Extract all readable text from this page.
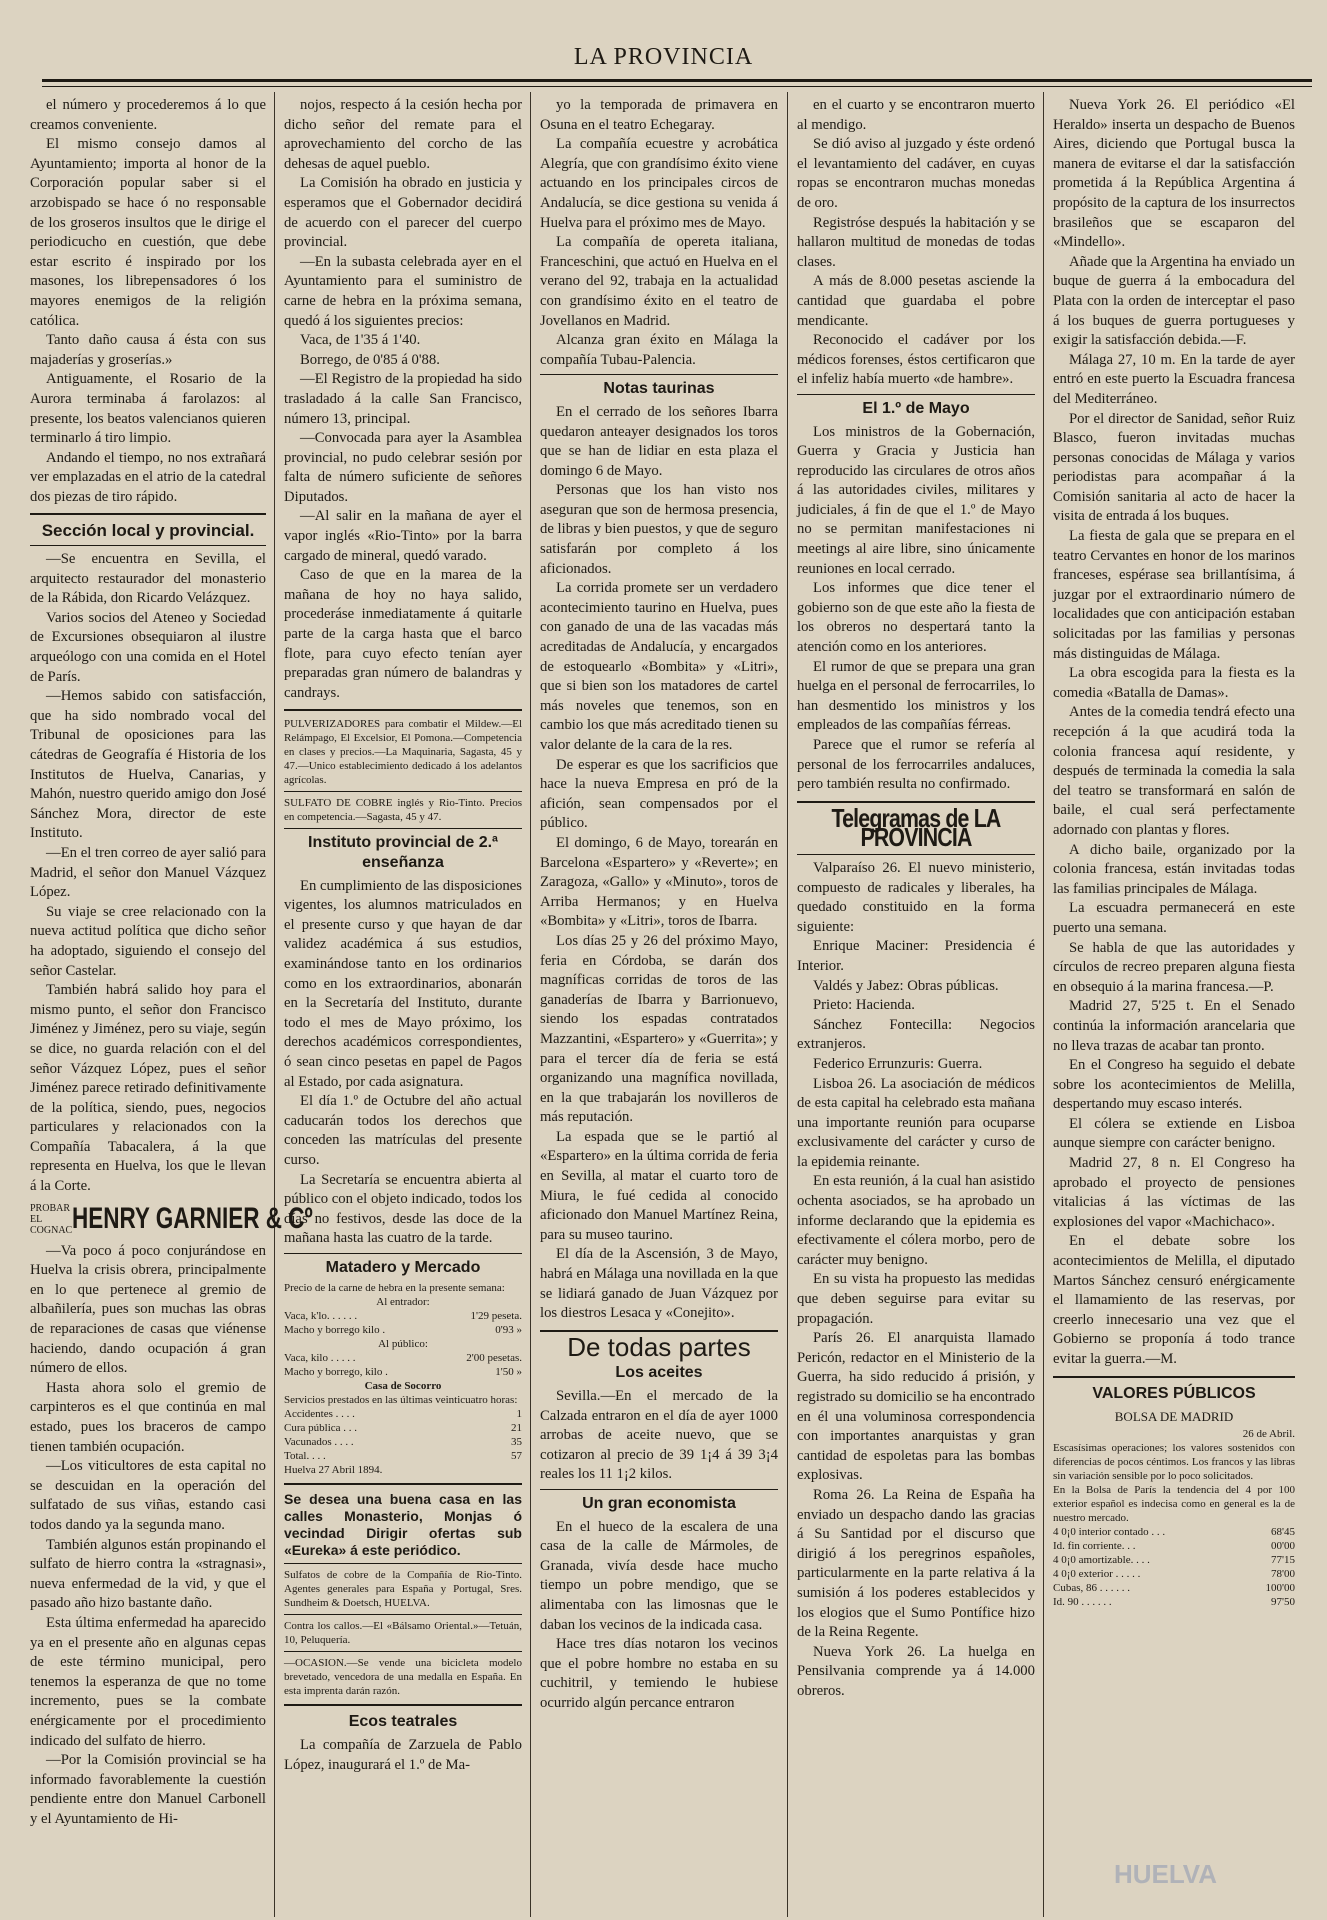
LA PROVINCIA

el número y procederemos á lo que creamos conveniente.

El mismo consejo damos al Ayuntamiento; importa al honor de la Corporación popular saber si el arzobispado se hace ó no responsable de los groseros insultos que le dirige el periodicucho en cuestión, que debe estar escrito é inspirado por los masones, los librepensadores ó los mayores enemigos de la religión católica.

Tanto daño causa á ésta con sus majaderías y groserías.»

Antiguamente, el Rosario de la Aurora terminaba á farolazos: al presente, los beatos valencianos quieren terminarlo á tiro limpio.

Andando el tiempo, no nos extrañará ver emplazadas en el atrio de la catedral dos piezas de tiro rápido.

Sección local y provincial.

—Se encuentra en Sevilla, el arquitecto restaurador del monasterio de la Rábida, don Ricardo Velázquez.

Varios socios del Ateneo y Sociedad de Excursiones obsequiaron al ilustre arqueólogo con una comida en el Hotel de París.

—Hemos sabido con satisfacción, que ha sido nombrado vocal del Tribunal de oposiciones para las cátedras de Geografía é Historia de los Institutos de Huelva, Canarias, y Mahón, nuestro querido amigo don José Sánchez Mora, director de este Instituto.

—En el tren correo de ayer salió para Madrid, el señor don Manuel Vázquez López.

Su viaje se cree relacionado con la nueva actitud política que dicho señor ha adoptado, siguiendo el consejo del señor Castelar.

También habrá salido hoy para el mismo punto, el señor don Francisco Jiménez y Jiménez, pero su viaje, según se dice, no guarda relación con el del señor Vázquez López, pues el señor Jiménez parece retirado definitivamente de la política, siendo, pues, negocios particulares y relacionados con la Compañía Tabacalera, á la que representa en Huelva, los que le llevan á la Corte.

PROBAR EL COGNAC HENRY GARNIER & Cº

—Va poco á poco conjurándose en Huelva la crisis obrera, principalmente en lo que pertenece al gremio de albañilería, pues son muchas las obras de reparaciones de casas que viénense haciendo, dando ocupación á gran número de ellos.

Hasta ahora solo el gremio de carpinteros es el que continúa en mal estado, pues los braceros de campo tienen también ocupación.

—Los viticultores de esta capital no se descuidan en la operación del sulfatado de sus viñas, estando casi todos dando ya la segunda mano.

También algunos están propinando el sulfato de hierro contra la «stragnasi», nueva enfermedad de la vid, y que el pasado año hizo bastante daño.

Esta última enfermedad ha aparecido ya en el presente año en algunas cepas de este término municipal, pero tenemos la esperanza de que no tome incremento, pues se la combate enérgicamente por el procedimiento indicado del sulfato de hierro.

—Por la Comisión provincial se ha informado favorablemente la cuestión pendiente entre don Manuel Carbonell y el Ayuntamiento de Hi-

nojos, respecto á la cesión hecha por dicho señor del remate para el aprovechamiento del corcho de las dehesas de aquel pueblo.

La Comisión ha obrado en justicia y esperamos que el Gobernador decidirá de acuerdo con el parecer del cuerpo provincial.

—En la subasta celebrada ayer en el Ayuntamiento para el suministro de carne de hebra en la próxima semana, quedó á los siguientes precios:

Vaca, de 1'35 á 1'40.

Borrego, de 0'85 á 0'88.

—El Registro de la propiedad ha sido trasladado á la calle San Francisco, número 13, principal.

—Convocada para ayer la Asamblea provincial, no pudo celebrar sesión por falta de número suficiente de señores Diputados.

—Al salir en la mañana de ayer el vapor inglés «Rio-Tinto» por la barra cargado de mineral, quedó varado.

Caso de que en la marea de la mañana de hoy no haya salido, procederáse inmediatamente á quitarle parte de la carga hasta que el barco flote, para cuyo efecto tenían ayer preparadas gran número de balandras y candrays.

PULVERIZADORES para combatir el Mildew.—El Relámpago, El Excelsior, El Pomona.—Competencia en clases y precios.—La Maquinaria, Sagasta, 45 y 47.—Unico establecimiento dedicado á los adelantos agrícolas.

SULFATO DE COBRE inglés y Rio-Tinto. Precios en competencia.—Sagasta, 45 y 47.

Instituto provincial de 2.ª enseñanza

En cumplimiento de las disposiciones vigentes, los alumnos matriculados en el presente curso y que hayan de dar validez académica á sus estudios, examinándose tanto en los ordinarios como en los extraordinarios, abonarán en la Secretaría del Instituto, durante todo el mes de Mayo próximo, los derechos académicos correspondientes, ó sean cinco pesetas en papel de Pagos al Estado, por cada asignatura.

El día 1.º de Octubre del año actual caducarán todos los derechos que conceden las matrículas del presente curso.

La Secretaría se encuentra abierta al público con el objeto indicado, todos los días no festivos, desde las doce de la mañana hasta las cuatro de la tarde.

Matadero y Mercado

Precio de la carne de hebra en la presente semana:

Al entrador:

Vaca, k'lo. . . . . .	1'29 peseta.
Macho y borrego kilo .	0'93 »

Al público:

Vaca, kilo . . . . .	2'00 pesetas.
Macho y borrego, kilo .	1'50 »

Casa de Socorro

Servicios prestados en las últimas veinticuatro horas:

Accidentes . . . .	1
Cura pública . . .	21
Vacunados . . . .	35
Total. . . .	57

Huelva 27 Abril 1894.

Se desea una buena casa en las calles Monasterio, Monjas ó vecindad Dirigir ofertas sub «Eureka» á este periódico.

Sulfatos de cobre de la Compañía de Rio-Tinto. Agentes generales para España y Portugal, Sres. Sundheim & Doetsch, HUELVA.

Contra los callos.—El «Bálsamo Oriental.»—Tetuán, 10, Peluquería.

—OCASION.—Se vende una bicicleta modelo brevetado, vencedora de una medalla en España. En esta imprenta darán razón.

Ecos teatrales

La compañía de Zarzuela de Pablo López, inaugurará el 1.º de Ma-

yo la temporada de primavera en Osuna en el teatro Echegaray.

La compañía ecuestre y acrobática Alegría, que con grandísimo éxito viene actuando en los principales circos de Andalucía, se dice gestiona su venida á Huelva para el próximo mes de Mayo.

La compañía de opereta italiana, Franceschini, que actuó en Huelva en el verano del 92, trabaja en la actualidad con grandísimo éxito en el teatro de Jovellanos en Madrid.

Alcanza gran éxito en Málaga la compañía Tubau-Palencia.

Notas taurinas

En el cerrado de los señores Ibarra quedaron anteayer designados los toros que se han de lidiar en esta plaza el domingo 6 de Mayo.

Personas que los han visto nos aseguran que son de hermosa presencia, de libras y bien puestos, y que de seguro satisfarán por completo á los aficionados.

La corrida promete ser un verdadero acontecimiento taurino en Huelva, pues con ganado de una de las vacadas más acreditadas de Andalucía, y encargados de estoquearlo «Bombita» y «Litri», que si bien son los matadores de cartel más noveles que tenemos, son en cambio los que más acreditado tienen su valor delante de la cara de la res.

De esperar es que los sacrificios que hace la nueva Empresa en pró de la afición, sean compensados por el público.

El domingo, 6 de Mayo, torearán en Barcelona «Espartero» y «Reverte»; en Zaragoza, «Gallo» y «Minuto», toros de Arriba Hermanos; y en Huelva «Bombita» y «Litri», toros de Ibarra.

Los días 25 y 26 del próximo Mayo, feria en Córdoba, se darán dos magníficas corridas de toros de las ganaderías de Ibarra y Barrionuevo, siendo los espadas contratados Mazzantini, «Espartero» y «Guerrita»; y para el tercer día de feria se está organizando una magnífica novillada, en la que trabajarán los novilleros de más reputación.

La espada que se le partió al «Espartero» en la última corrida de feria en Sevilla, al matar el cuarto toro de Miura, le fué cedida al conocido aficionado don Manuel Martínez Reina, para su museo taurino.

El día de la Ascensión, 3 de Mayo, habrá en Málaga una novillada en la que se lidiará ganado de Juan Vázquez por los diestros Lesaca y «Conejito».

De todas partes
Los aceites

Sevilla.—En el mercado de la Calzada entraron en el día de ayer 1000 arrobas de aceite nuevo, que se cotizaron al precio de 39 1¡4 á 39 3¡4 reales los 11 1¡2 kilos.

Un gran economista

En el hueco de la escalera de una casa de la calle de Mármoles, de Granada, vivía desde hace mucho tiempo un pobre mendigo, que se alimentaba con las limosnas que le daban los vecinos de la indicada casa.

Hace tres días notaron los vecinos que el pobre hombre no estaba en su cuchitril, y temiendo le hubiese ocurrido algún percance entraron

en el cuarto y se encontraron muerto al mendigo.

Se dió aviso al juzgado y éste ordenó el levantamiento del cadáver, en cuyas ropas se encontraron muchas monedas de oro.

Registróse después la habitación y se hallaron multitud de monedas de todas clases.

A más de 8.000 pesetas asciende la cantidad que guardaba el pobre mendicante.

Reconocido el cadáver por los médicos forenses, éstos certificaron que el infeliz había muerto «de hambre».

El 1.º de Mayo

Los ministros de la Gobernación, Guerra y Gracia y Justicia han reproducido las circulares de otros años á las autoridades civiles, militares y judiciales, á fin de que el 1.º de Mayo no se permitan manifestaciones ni meetings al aire libre, sino únicamente reuniones en local cerrado.

Los informes que dice tener el gobierno son de que este año la fiesta de los obreros no despertará tanto la atención como en los anteriores.

El rumor de que se prepara una gran huelga en el personal de ferrocarriles, lo han desmentido los ministros y los empleados de las compañías férreas.

Parece que el rumor se refería al personal de los ferrocarriles andaluces, pero también resulta no confirmado.

Telegramas de LA PROVINCIA

Valparaíso 26. El nuevo ministerio, compuesto de radicales y liberales, ha quedado constituido en la forma siguiente:

Enrique Maciner: Presidencia é Interior.

Valdés y Jabez: Obras públicas.

Prieto: Hacienda.

Sánchez Fontecilla: Negocios extranjeros.

Federico Errunzuris: Guerra.

Lisboa 26. La asociación de médicos de esta capital ha celebrado esta mañana una importante reunión para ocuparse exclusivamente del carácter y curso de la epidemia reinante.

En esta reunión, á la cual han asistido ochenta asociados, se ha aprobado un informe declarando que la epidemia es efectivamente el cólera morbo, pero de carácter muy benigno.

En su vista ha propuesto las medidas que deben seguirse para evitar su propagación.

París 26. El anarquista llamado Pericón, redactor en el Ministerio de la Guerra, ha sido reducido á prisión, y registrado su domicilio se ha encontrado en él una voluminosa correspondencia con importantes anarquistas y gran cantidad de espoletas para las bombas explosivas.

Roma 26. La Reina de España ha enviado un despacho dando las gracias á Su Santidad por el discurso que dirigió á los peregrinos españoles, particularmente en la parte relativa á la sumisión á los poderes establecidos y los elogios que el Sumo Pontífice hizo de la Reina Regente.

Nueva York 26. La huelga en Pensilvania comprende ya á 14.000 obreros.

Nueva York 26. El periódico «El Heraldo» inserta un despacho de Buenos Aires, diciendo que Portugal busca la manera de evitarse el dar la satisfacción prometida á la República Argentina á propósito de la captura de los insurrectos brasileños que se escaparon del «Mindello».

Añade que la Argentina ha enviado un buque de guerra á la embocadura del Plata con la orden de interceptar el paso á los buques de guerra portugueses y exigir la satisfacción debida.—F.

Málaga 27, 10 m. En la tarde de ayer entró en este puerto la Escuadra francesa del Mediterráneo.

Por el director de Sanidad, señor Ruiz Blasco, fueron invitadas muchas personas conocidas de Málaga y varios periodistas para acompañar á la Comisión sanitaria al acto de hacer la visita de entrada á los buques.

La fiesta de gala que se prepara en el teatro Cervantes en honor de los marinos franceses, espérase sea brillantísima, á juzgar por el extraordinario número de localidades que con anticipación estaban solicitadas por las familias y personas más distinguidas de Málaga.

La obra escogida para la fiesta es la comedia «Batalla de Damas».

Antes de la comedia tendrá efecto una recepción á la que acudirá toda la colonia francesa aquí residente, y después de terminada la comedia la sala del teatro se transformará en salón de baile, el cual será perfectamente adornado con plantas y flores.

A dicho baile, organizado por la colonia francesa, están invitadas todas las familias principales de Málaga.

La escuadra permanecerá en este puerto una semana.

Se habla de que las autoridades y círculos de recreo preparen alguna fiesta en obsequio á la marina francesa.—P.

Madrid 27, 5'25 t. En el Senado continúa la información arancelaria que no lleva trazas de acabar tan pronto.

En el Congreso ha seguido el debate sobre los acontecimientos de Melilla, despertando muy escaso interés.

El cólera se extiende en Lisboa aunque siempre con carácter benigno.

Madrid 27, 8 n. El Congreso ha aprobado el proyecto de pensiones vitalicias á las víctimas de las explosiones del vapor «Machichaco».

En el debate sobre los acontecimientos de Melilla, el diputado Martos Sánchez censuró enérgicamente el llamamiento de las reservas, por creerlo innecesario una vez que el Gobierno se proponía á todo trance evitar la guerra.—M.

VALORES PÚBLICOS
BOLSA DE MADRID

26 de Abril.

Escasísimas operaciones; los valores sostenidos con diferencias de pocos céntimos. Los francos y las libras sin variación sensible por lo poco solicitados.

En la Bolsa de París la tendencia del 4 por 100 exterior español es indecisa como en general es la de nuestro mercado.

4 0¡0 interior contado . . .	68'45
Id. fin corriente. . .	00'00
4 0¡0 amortizable. . . .	77'15
4 0¡0 exterior . . . . .	78'00
Cubas, 86 . . . . . .	100'00
Id. 90 . . . . . .	97'50
HUELVA
